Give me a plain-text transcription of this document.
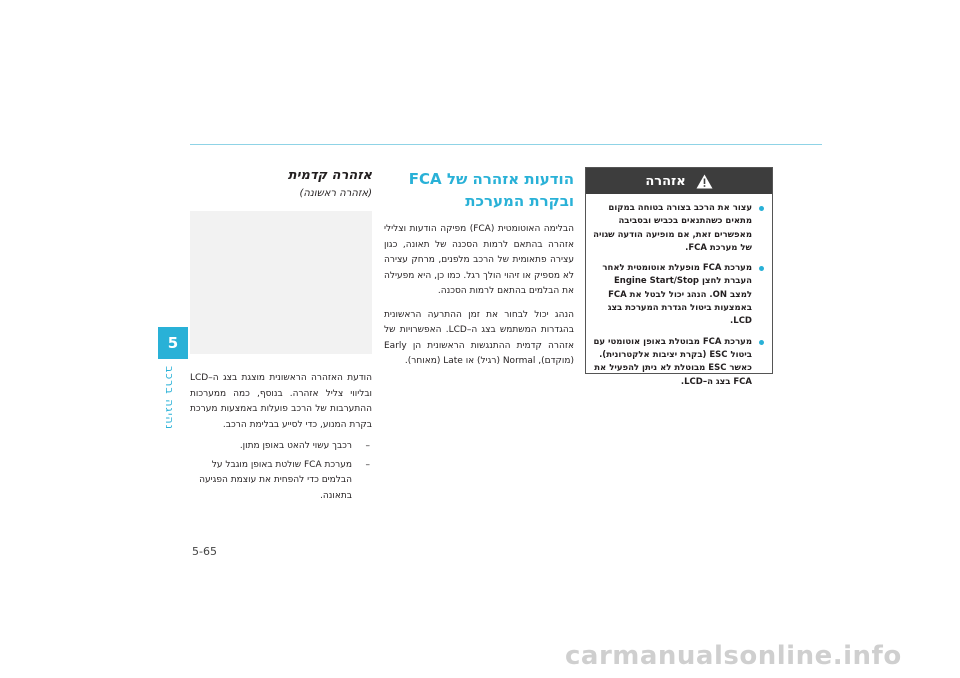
5
נהיגה ברכב

אזהרה קדמית

(אזהרה ראשונה)

הודעת האזהרה הראשונית מוצגת בצג ה–LCD ובליווי צליל אזהרה. בנוסף, כמה ממערכות ההתערבות של הרכב פועלות באמצעות מערכת בקרת המנוע, כדי לסייע בבלימת הרכב.

–
רכבך עשוי להאט באופן מתון.
–
מערכת FCA שולטת באופן מוגבל על הבלמים כדי להפחית את עוצמת הפגיעה בתאונה.

הודעות אזהרה של FCA
ובקרת המערכת

הבלימה האוטומטית (FCA) מפיקה הודעות וצלילי אזהרה בהתאם לרמות הסכנה של תאונה, כגון עצירה פתאומית של הרכב מלפנים, מרחק עצירה לא מספיק או זיהוי הולך רגל. כמו כן, היא מפעילה את הבלמים בהתאם לרמות הסכנה.

הנהג יכול לבחור את זמן ההתרעה הראשונית בהגדרות המשתמש בצג ה–LCD. האפשרויות של אזהרה קדמית ההתנגשות הראשונית הן Early (מוקדם), Normal (רגיל) או Late (מאוחר).

אזהרה
עצור את הרכב בצורה בטוחה במקום מתאים כשהתנאים בכביש ובסביבה מאפשרים זאת, אם מופיעה הודעה שגויה של מערכת FCA.
מערכת FCA מופעלת אוטומטית לאחר העברת לחצן Engine Start/Stop למצב ON. הנהג יכול לבטל את FCA באמצעות ביטול הגדרת המערכת בצג LCD.
מערכת FCA מבוטלת באופן אוטומטי עם ביטול ESC (בקרת יציבות אלקטרונית). כאשר ESC מבוטלת לא ניתן להפעיל את FCA בצג ה–LCD.
5-65
carmanualsonline.info
